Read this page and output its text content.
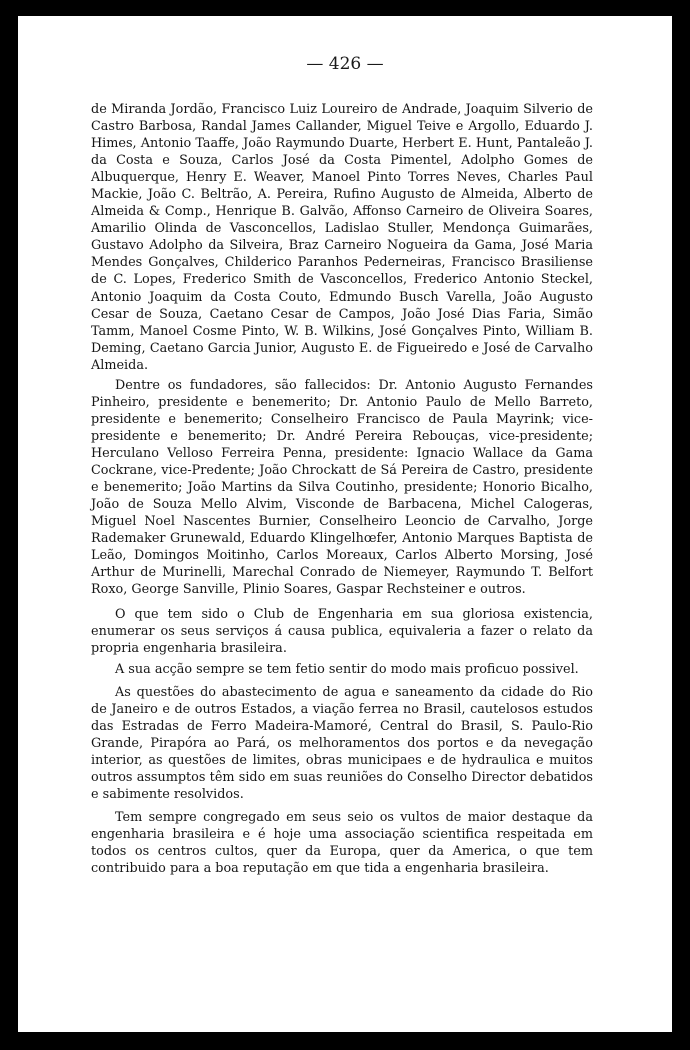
— 426 —

de Miranda Jordão, Francisco Luiz Loureiro de Andrade, Joaquim Silverio de Castro Barbosa, Randal James Callander, Miguel Teive e Argollo, Eduardo J. Himes, Antonio Taaffe, João Raymundo Duarte, Herbert E. Hunt, Pantaleão J. da Costa e Souza, Carlos José da Costa Pimentel, Adolpho Gomes de Albuquerque, Henry E. Weaver, Manoel Pinto Torres Neves, Charles Paul Mackie, João C. Beltrão, A. Pereira, Rufino Augusto de Almeida, Alberto de Almeida & Comp., Henrique B. Galvão, Affonso Carneiro de Oliveira Soares, Amarilio Olinda de Vasconcellos, Ladislao Stuller, Mendonça Guimarães, Gustavo Adolpho da Silveira, Braz Carneiro Nogueira da Gama, José Maria Mendes Gonçalves, Childerico Paranhos Pederneiras, Francisco Brasiliense de C. Lopes, Frederico Smith de Vasconcellos, Frederico Antonio Steckel, Antonio Joaquim da Costa Couto, Edmundo Busch Varella, João Augusto Cesar de Souza, Caetano Cesar de Campos, João José Dias Faria, Simão Tamm, Manoel Cosme Pinto, W. B. Wilkins, José Gonçalves Pinto, William B. Deming, Caetano Garcia Junior, Augusto E. de Figueiredo e José de Carvalho Almeida.

Dentre os fundadores, são fallecidos: Dr. Antonio Augusto Fernandes Pinheiro, presidente e benemerito; Dr. Antonio Paulo de Mello Barreto, presidente e benemerito; Conselheiro Francisco de Paula Mayrink; vice-presidente e benemerito; Dr. André Pereira Rebouças, vice-presidente; Herculano Velloso Ferreira Penna, presidente: Ignacio Wallace da Gama Cockrane, vice-Predente; João Chrockatt de Sá Pereira de Castro, presidente e benemerito; João Martins da Silva Coutinho, presidente; Honorio Bicalho, João de Souza Mello Alvim, Visconde de Barbacena, Michel Calogeras, Miguel Noel Nascentes Burnier, Conselheiro Leoncio de Carvalho, Jorge Rademaker Grunewald, Eduardo Klingelhœfer, Antonio Marques Baptista de Leão, Domingos Moitinho, Carlos Moreaux, Carlos Alberto Morsing, José Arthur de Murinelli, Marechal Conrado de Niemeyer, Raymundo T. Belfort Roxo, George Sanville, Plinio Soares, Gaspar Rechsteiner e outros.

O que tem sido o Club de Engenharia em sua gloriosa existencia, enumerar os seus serviços á causa publica, equivaleria a fazer o relato da propria engenharia brasileira.

A sua acção sempre se tem fetio sentir do modo mais proficuo possivel.

As questões do abastecimento de agua e saneamento da cidade do Rio de Janeiro e de outros Estados, a viação ferrea no Brasil, cautelosos estudos das Estradas de Ferro Madeira-Mamoré, Central do Brasil, S. Paulo-Rio Grande, Pirapóra ao Pará, os melhoramentos dos portos e da nevegação interior, as questões de limites, obras municipaes e de hydraulica e muitos outros assumptos têm sido em suas reuniões do Conselho Director debatidos e sabimente resolvidos.

Tem sempre congregado em seus seio os vultos de maior destaque da engenharia brasileira e é hoje uma associação scientifica respeitada em todos os centros cultos, quer da Europa, quer da America, o que tem contribuido para a boa reputação em que tida a engenharia brasileira.
